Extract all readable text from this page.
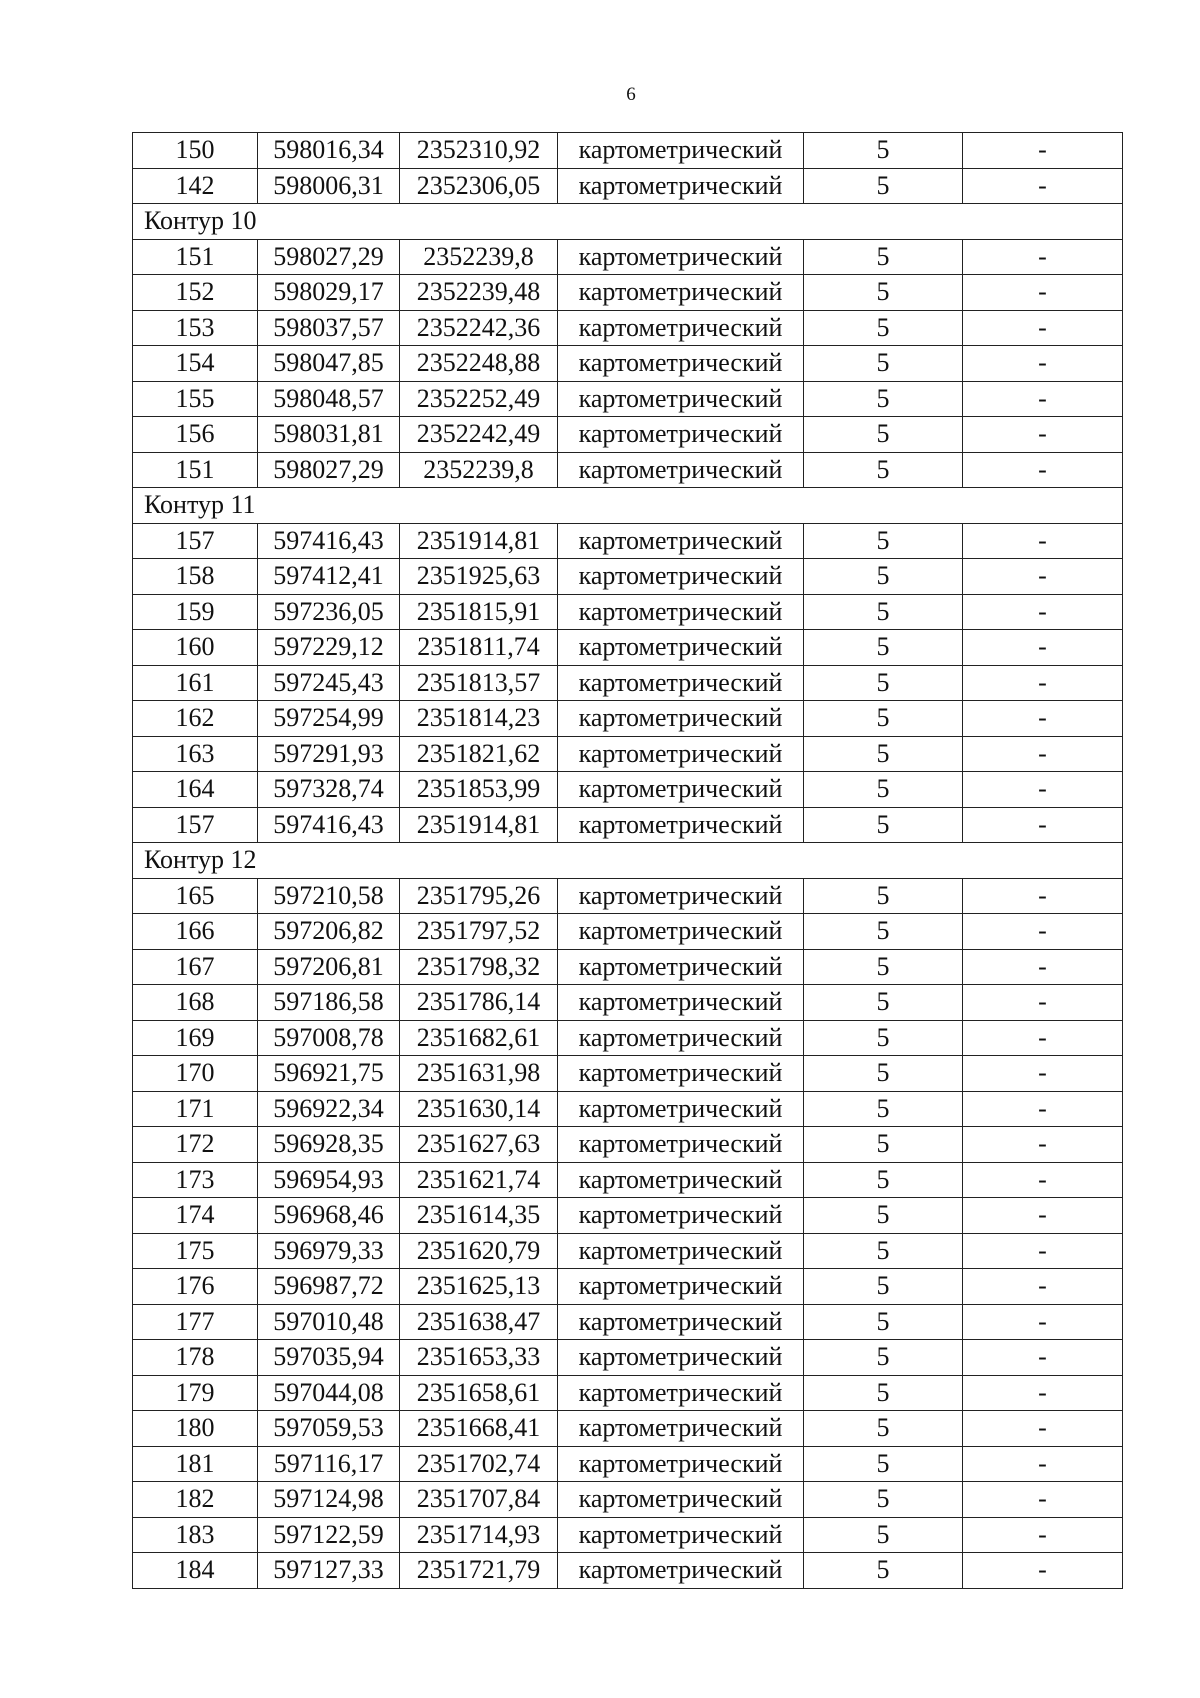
6
150	598016,34	2352310,92	картометрический	5	-
142	598006,31	2352306,05	картометрический	5	-
Контур 10					
151	598027,29	2352239,8	картометрический	5	-
152	598029,17	2352239,48	картометрический	5	-
153	598037,57	2352242,36	картометрический	5	-
154	598047,85	2352248,88	картометрический	5	-
155	598048,57	2352252,49	картометрический	5	-
156	598031,81	2352242,49	картометрический	5	-
151	598027,29	2352239,8	картометрический	5	-
Контур 11					
157	597416,43	2351914,81	картометрический	5	-
158	597412,41	2351925,63	картометрический	5	-
159	597236,05	2351815,91	картометрический	5	-
160	597229,12	2351811,74	картометрический	5	-
161	597245,43	2351813,57	картометрический	5	-
162	597254,99	2351814,23	картометрический	5	-
163	597291,93	2351821,62	картометрический	5	-
164	597328,74	2351853,99	картометрический	5	-
157	597416,43	2351914,81	картометрический	5	-
Контур 12					
165	597210,58	2351795,26	картометрический	5	-
166	597206,82	2351797,52	картометрический	5	-
167	597206,81	2351798,32	картометрический	5	-
168	597186,58	2351786,14	картометрический	5	-
169	597008,78	2351682,61	картометрический	5	-
170	596921,75	2351631,98	картометрический	5	-
171	596922,34	2351630,14	картометрический	5	-
172	596928,35	2351627,63	картометрический	5	-
173	596954,93	2351621,74	картометрический	5	-
174	596968,46	2351614,35	картометрический	5	-
175	596979,33	2351620,79	картометрический	5	-
176	596987,72	2351625,13	картометрический	5	-
177	597010,48	2351638,47	картометрический	5	-
178	597035,94	2351653,33	картометрический	5	-
179	597044,08	2351658,61	картометрический	5	-
180	597059,53	2351668,41	картометрический	5	-
181	597116,17	2351702,74	картометрический	5	-
182	597124,98	2351707,84	картометрический	5	-
183	597122,59	2351714,93	картометрический	5	-
184	597127,33	2351721,79	картометрический	5	-
